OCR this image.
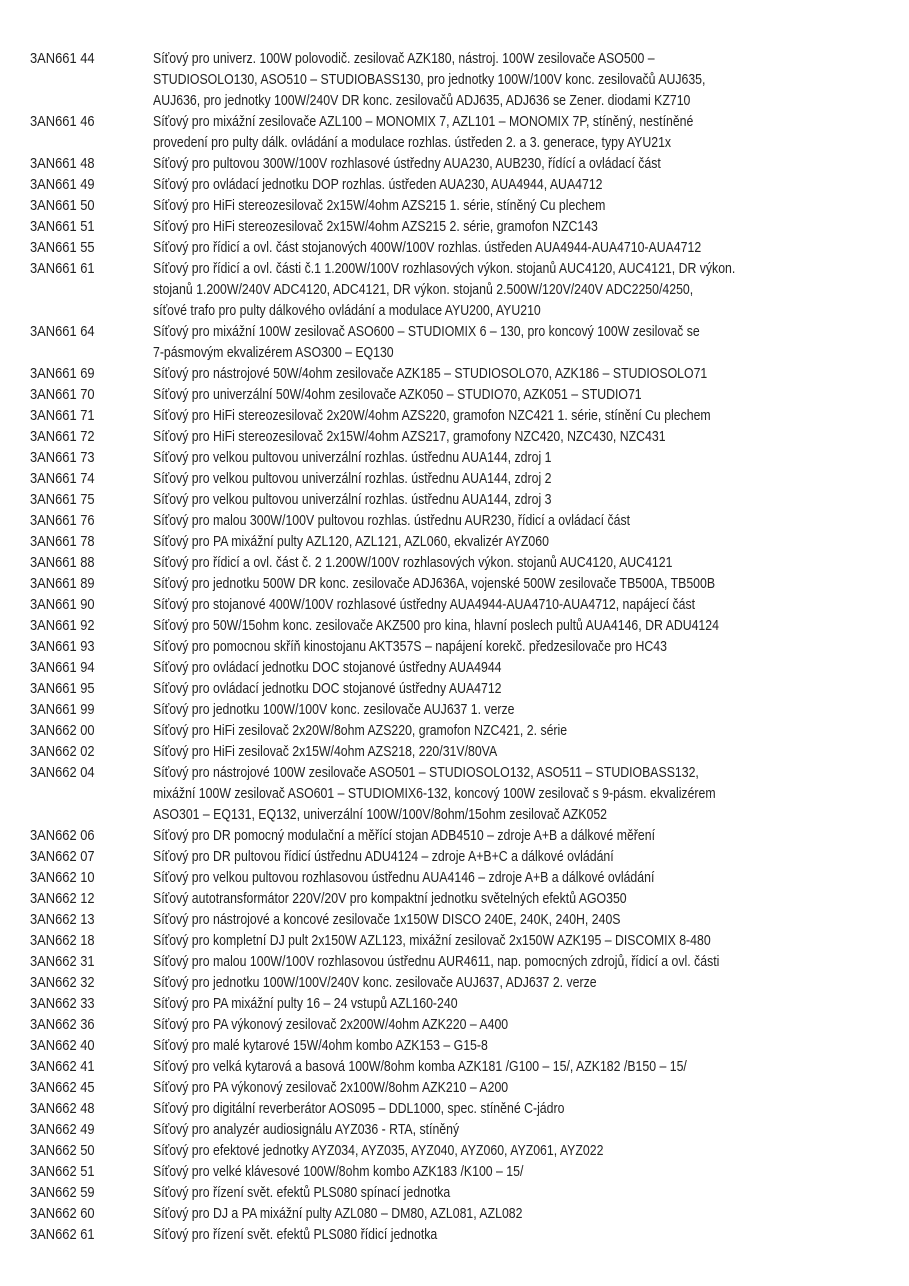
3AN661 44	Síťový pro univerz. 100W polovodič. zesilovač AZK180, nástroj. 100W zesilovače ASO500 –
STUDIOSOLO130, ASO510 – STUDIOBASS130, pro jednotky 100W/100V konc. zesilovačů AUJ635,
AUJ636, pro jednotky 100W/240V DR konc. zesilovačů ADJ635, ADJ636 se Zener. diodami KZ710
3AN661 46	Síťový pro mixážní zesilovače AZL100 – MONOMIX 7, AZL101 – MONOMIX 7P, stíněný, nestíněné
provedení pro pulty dálk. ovládání a modulace rozhlas. ústředen 2. a 3. generace, typy AYU21x
3AN661 48	Síťový pro pultovou 300W/100V rozhlasové ústředny AUA230, AUB230, řídící a ovládací část
3AN661 49	Síťový pro ovládací jednotku DOP rozhlas. ústředen AUA230, AUA4944, AUA4712
3AN661 50	Síťový pro HiFi stereozesilovač 2x15W/4ohm AZS215 1. série, stíněný Cu plechem
3AN661 51	Síťový pro HiFi stereozesilovač 2x15W/4ohm AZS215 2. série, gramofon NZC143
3AN661 55	Síťový pro řídicí a ovl. část stojanových 400W/100V rozhlas. ústředen AUA4944-AUA4710-AUA4712
3AN661 61	Síťový pro řídicí a ovl. části č.1 1.200W/100V rozhlasových výkon. stojanů AUC4120, AUC4121, DR výkon.
stojanů 1.200W/240V ADC4120, ADC4121, DR výkon. stojanů 2.500W/120V/240V ADC2250/4250,
síťové trafo pro pulty dálkového ovládání a modulace AYU200, AYU210
3AN661 64	Síťový pro mixážní 100W zesilovač ASO600 – STUDIOMIX 6 – 130, pro koncový 100W zesilovač se
7-pásmovým ekvalizérem ASO300 – EQ130
3AN661 69	Síťový pro nástrojové 50W/4ohm zesilovače AZK185 – STUDIOSOLO70, AZK186 – STUDIOSOLO71
3AN661 70	Síťový pro univerzální 50W/4ohm zesilovače AZK050 – STUDIO70, AZK051 – STUDIO71
3AN661 71	Síťový pro HiFi stereozesilovač 2x20W/4ohm AZS220, gramofon NZC421 1. série, stínění Cu plechem
3AN661 72	Síťový pro HiFi stereozesilovač 2x15W/4ohm AZS217, gramofony NZC420, NZC430, NZC431
3AN661 73	Síťový pro velkou pultovou univerzální rozhlas. ústřednu AUA144, zdroj 1
3AN661 74	Síťový pro velkou pultovou univerzální rozhlas. ústřednu AUA144, zdroj 2
3AN661 75	Síťový pro velkou pultovou univerzální rozhlas. ústřednu AUA144, zdroj 3
3AN661 76	Síťový pro malou 300W/100V pultovou rozhlas. ústřednu AUR230, řídicí a ovládací část
3AN661 78	Síťový pro PA mixážní pulty AZL120, AZL121, AZL060, ekvalizér AYZ060
3AN661 88	Síťový pro řídicí a ovl. část č. 2 1.200W/100V rozhlasových výkon. stojanů AUC4120, AUC4121
3AN661 89	Síťový pro jednotku 500W DR konc. zesilovače ADJ636A, vojenské 500W zesilovače TB500A, TB500B
3AN661 90	Síťový pro stojanové 400W/100V rozhlasové ústředny AUA4944-AUA4710-AUA4712, napájecí část
3AN661 92	Síťový pro 50W/15ohm konc. zesilovače AKZ500 pro kina, hlavní poslech pultů AUA4146, DR ADU4124
3AN661 93	Síťový pro pomocnou skříň kinostojanu AKT357S – napájení korekč. předzesilovače pro HC43
3AN661 94	Síťový pro ovládací jednotku DOC stojanové ústředny AUA4944
3AN661 95	Síťový pro ovládací jednotku DOC stojanové ústředny AUA4712
3AN661 99	Síťový pro jednotku 100W/100V konc. zesilovače AUJ637 1. verze
3AN662 00	Síťový pro HiFi zesilovač 2x20W/8ohm AZS220, gramofon NZC421, 2. série
3AN662 02	Síťový pro HiFi zesilovač 2x15W/4ohm AZS218, 220/31V/80VA
3AN662 04	Síťový pro nástrojové 100W zesilovače ASO501 – STUDIOSOLO132, ASO511 – STUDIOBASS132,
mixážní 100W zesilovač ASO601 – STUDIOMIX6-132, koncový 100W zesilovač s 9-pásm. ekvalizérem
ASO301 – EQ131, EQ132, univerzální 100W/100V/8ohm/15ohm zesilovač AZK052
3AN662 06	Síťový pro DR pomocný modulační a měřící stojan ADB4510 – zdroje A+B a dálkové měření
3AN662 07	Síťový pro DR pultovou řídicí ústřednu ADU4124 – zdroje A+B+C a dálkové ovládání
3AN662 10	Síťový pro velkou pultovou rozhlasovou ústřednu AUA4146 – zdroje A+B a dálkové ovládání
3AN662 12	Síťový autotransformátor 220V/20V pro kompaktní jednotku světelných efektů AGO350
3AN662 13	Síťový pro nástrojové a koncové zesilovače 1x150W DISCO 240E, 240K, 240H, 240S
3AN662 18	Síťový pro kompletní DJ pult 2x150W AZL123, mixážní zesilovač 2x150W AZK195 – DISCOMIX 8-480
3AN662 31	Síťový pro malou 100W/100V rozhlasovou ústřednu AUR4611, nap. pomocných zdrojů, řídicí a ovl. části
3AN662 32	Síťový pro jednotku 100W/100V/240V konc. zesilovače AUJ637, ADJ637 2. verze
3AN662 33	Síťový pro PA mixážní pulty 16 – 24 vstupů AZL160-240
3AN662 36	Síťový pro PA výkonový zesilovač 2x200W/4ohm AZK220 – A400
3AN662 40	Síťový pro malé kytarové 15W/4ohm kombo AZK153 – G15-8
3AN662 41	Síťový pro velká kytarová a basová 100W/8ohm komba AZK181 /G100 – 15/, AZK182 /B150 – 15/
3AN662 45	Síťový pro PA výkonový zesilovač 2x100W/8ohm AZK210 – A200
3AN662 48	Síťový pro digitální reverberátor AOS095 – DDL1000, spec. stíněné C-jádro
3AN662 49	Síťový pro analyzér audiosignálu AYZ036 - RTA, stíněný
3AN662 50	Síťový pro efektové jednotky AYZ034, AYZ035, AYZ040, AYZ060, AYZ061, AYZ022
3AN662 51	Síťový pro velké klávesové 100W/8ohm kombo AZK183 /K100 – 15/
3AN662 59	Síťový pro řízení svět. efektů PLS080 spínací jednotka
3AN662 60	Síťový pro DJ a PA mixážní pulty AZL080 – DM80, AZL081, AZL082
3AN662 61	Síťový pro řízení svět. efektů PLS080 řídicí jednotka
